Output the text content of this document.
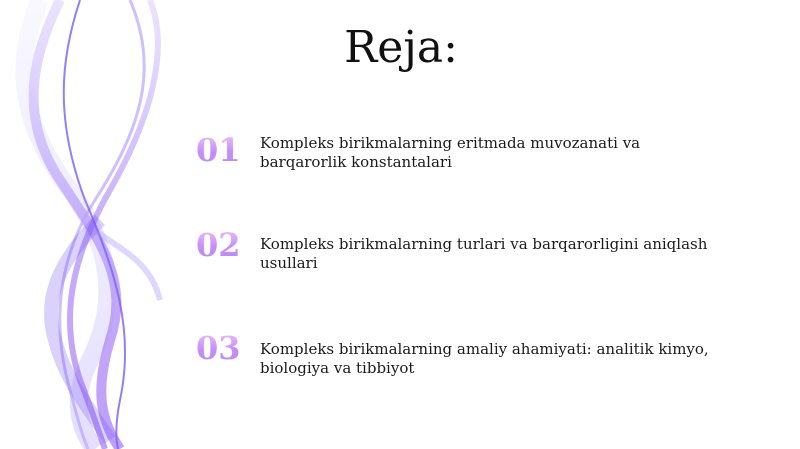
Reja:
01	Kompleks birikmalarning eritmada muvozanati va barqarorlik konstantalari
02	Kompleks birikmalarning turlari va barqarorligini aniqlash usullari
03	Kompleks birikmalarning amaliy ahamiyati: analitik kimyo, biologiya va tibbiyot
